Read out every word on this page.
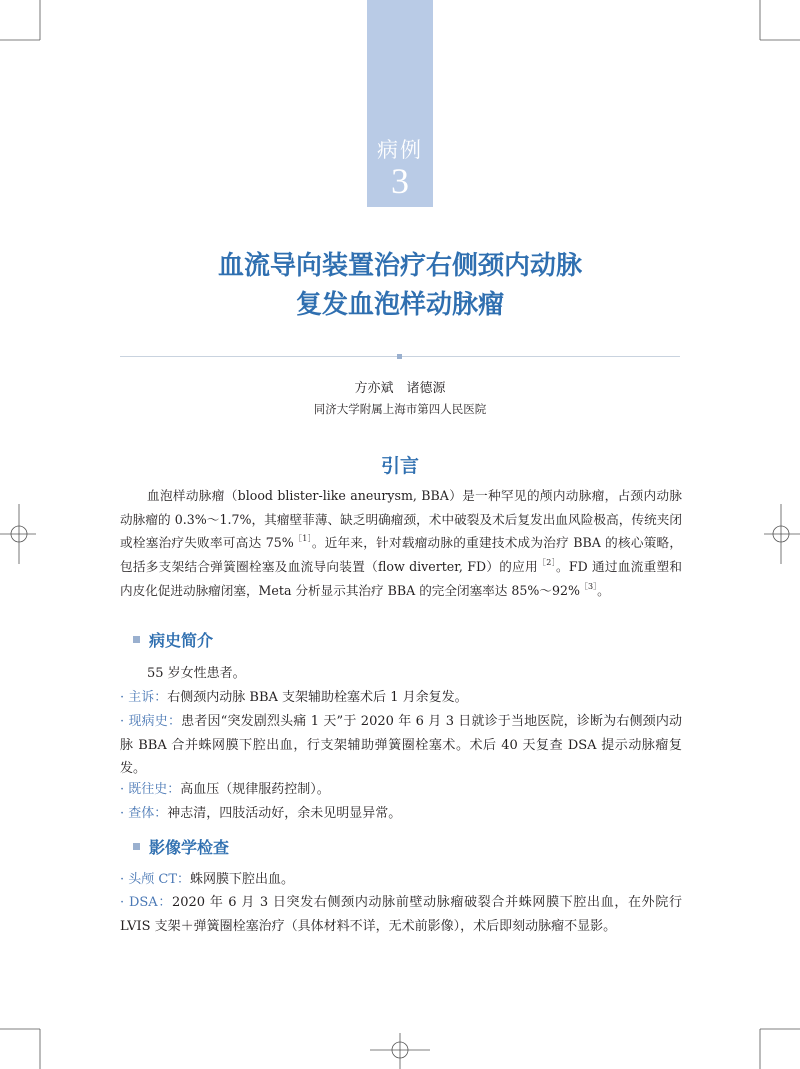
病例
3
血流导向装置治疗右侧颈内动脉
复发血泡样动脉瘤
方亦斌　诸德源
同济大学附属上海市第四人民医院
引言

血泡样动脉瘤（blood blister-like aneurysm, BBA）是一种罕见的颅内动脉瘤，占颈内动脉动脉瘤的 0.3%～1.7%，其瘤壁菲薄、缺乏明确瘤颈，术中破裂及术后复发出血风险极高，传统夹闭或栓塞治疗失败率可高达 75%$^{[1]}$。近年来，针对载瘤动脉的重建技术成为治疗 BBA 的核心策略，包括多支架结合弹簧圈栓塞及血流导向装置（flow diverter, FD）的应用$^{[2]}$。FD 通过血流重塑和内皮化促进动脉瘤闭塞，Meta 分析显示其治疗 BBA 的完全闭塞率达 85%～92%$^{[3]}$。

病史简介

55 岁女性患者。

· 主诉：右侧颈内动脉 BBA 支架辅助栓塞术后 1 月余复发。

· 现病史：患者因“突发剧烈头痛 1 天”于 2020 年 6 月 3 日就诊于当地医院，诊断为右侧颈内动脉 BBA 合并蛛网膜下腔出血，行支架辅助弹簧圈栓塞术。术后 40 天复查 DSA 提示动脉瘤复发。

· 既往史：高血压（规律服药控制）。

· 查体：神志清，四肢活动好，余未见明显异常。

影像学检查

· 头颅 CT：蛛网膜下腔出血。

· DSA：2020 年 6 月 3 日突发右侧颈内动脉前壁动脉瘤破裂合并蛛网膜下腔出血，在外院行 LVIS 支架＋弹簧圈栓塞治疗（具体材料不详，无术前影像），术后即刻动脉瘤不显影。
